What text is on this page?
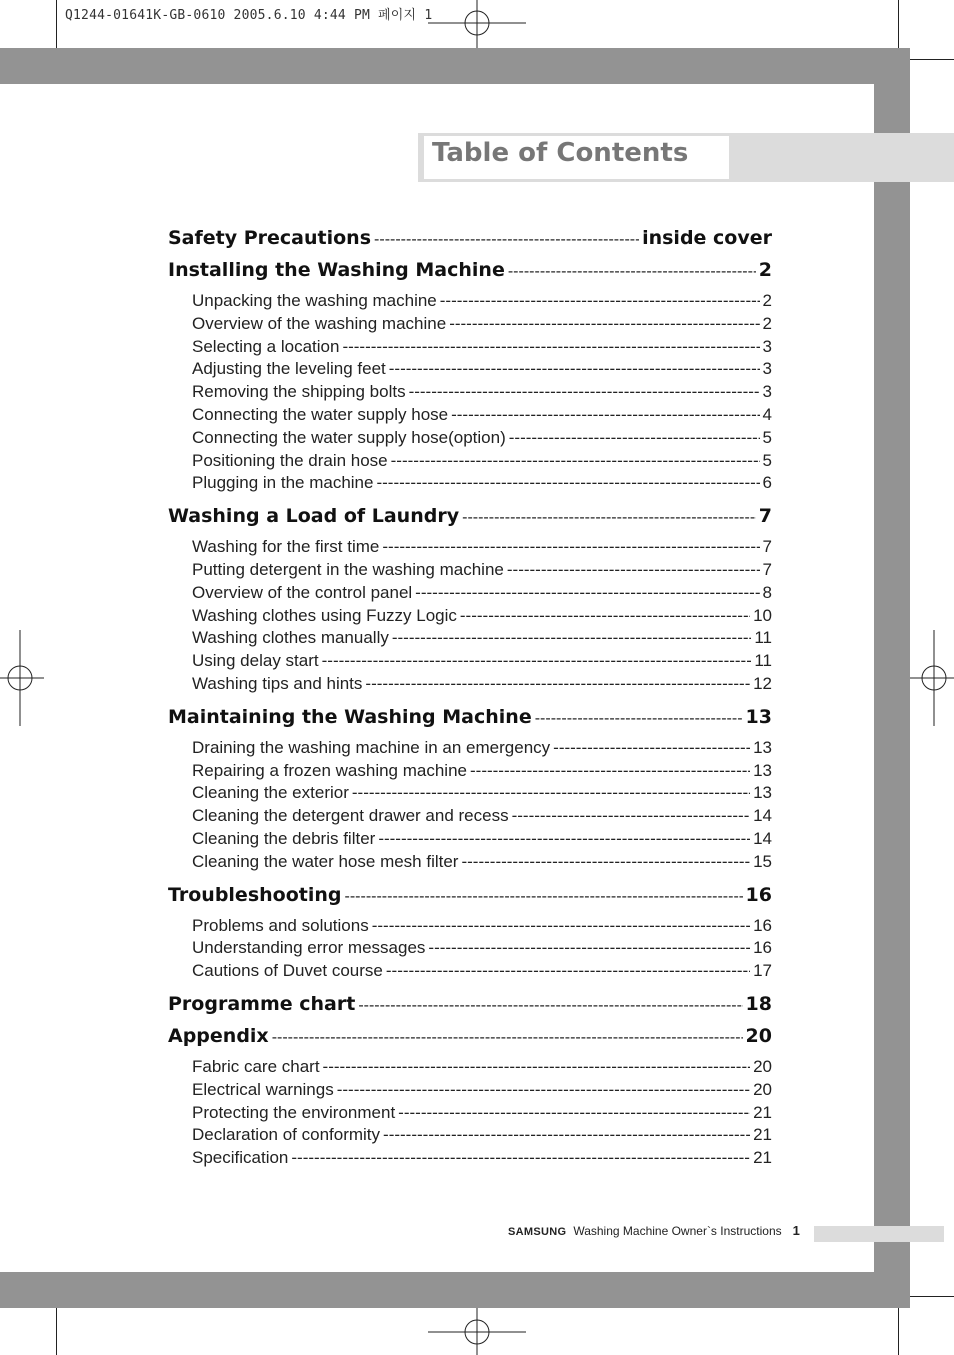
Q1244-01641K-GB-0610 2005.6.10 4:44 PM 페이지 1
Table of Contents
Safety Precautions -----	inside cover
Installing the Washing Machine -----	2
Unpacking the washing machine -----	2
Overview of the washing machine -----	2
Selecting a location -----	3
Adjusting the leveling feet -----	3
Removing the shipping bolts -----	3
Connecting the water supply hose -----	4
Connecting the water supply hose(option) -----	5
Positioning the drain hose -----	5
Plugging in the machine -----	6
Washing a Load of Laundry -----	7
Washing for the first time -----	7
Putting detergent in the washing machine -----	7
Overview of the control panel -----	8
Washing clothes using Fuzzy Logic -----	10
Washing clothes manually -----	11
Using delay start -----	11
Washing tips and hints -----	12
Maintaining the Washing Machine -----	13
Draining the washing machine in an emergency -----	13
Repairing a frozen washing machine -----	13
Cleaning the exterior -----	13
Cleaning the detergent drawer and recess -----	14
Cleaning the debris filter -----	14
Cleaning the water hose mesh filter -----	15
Troubleshooting -----	16
Problems and solutions -----	16
Understanding error messages -----	16
Cautions of Duvet course -----	17
Programme chart -----	18
Appendix -----	20
Fabric care chart -----	20
Electrical warnings -----	20
Protecting the environment -----	21
Declaration of conformity -----	21
Specification -----	21
SAMSUNG Washing Machine Owner`s Instructions 1
